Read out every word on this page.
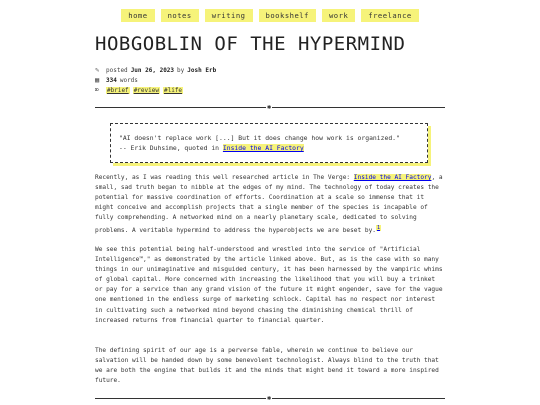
home	notes	writing	bookshelf	work	freelance
HOBGOBLIN OF THE HYPERMIND
✎	posted Jun 26, 2023 by Josh Erb
▦	334 words
⌦	#brief #review #life
✱
"AI doesn't replace work [...] But it does change how work is organized."
-- Erik Duhsime, quoted in Inside the AI Factory

Recently, as I was reading this well researched article in The Verge: Inside the AI Factory, a small, sad truth began to nibble at the edges of my mind. The technology of today creates the potential for massive coordination of efforts. Coordination at a scale so immense that it might conceive and accomplish projects that a single member of the species is incapable of fully comprehending. A networked mind on a nearly planetary scale, dedicated to solving problems. A veritable hypermind to address the hyperobjects we are beset by.$^1$

We see this potential being half-understood and wrestled into the service of "Artificial Intelligence™," as demonstrated by the article linked above. But, as is the case with so many things in our unimaginative and misguided century, it has been harnessed by the vampiric whims of global capital. More concerned with increasing the likelihood that you will buy a trinket or pay for a service than any grand vision of the future it might engender, save for the vague one mentioned in the endless surge of marketing schlock. Capital has no respect nor interest in cultivating such a networked mind beyond chasing the diminishing chemical thrill of increased returns from financial quarter to financial quarter.

The defining spirit of our age is a perverse fable, wherein we continue to believe our salvation will be handed down by some benevolent technologist. Always blind to the truth that we are both the engine that builds it and the minds that might bend it toward a more inspired future.

✱
